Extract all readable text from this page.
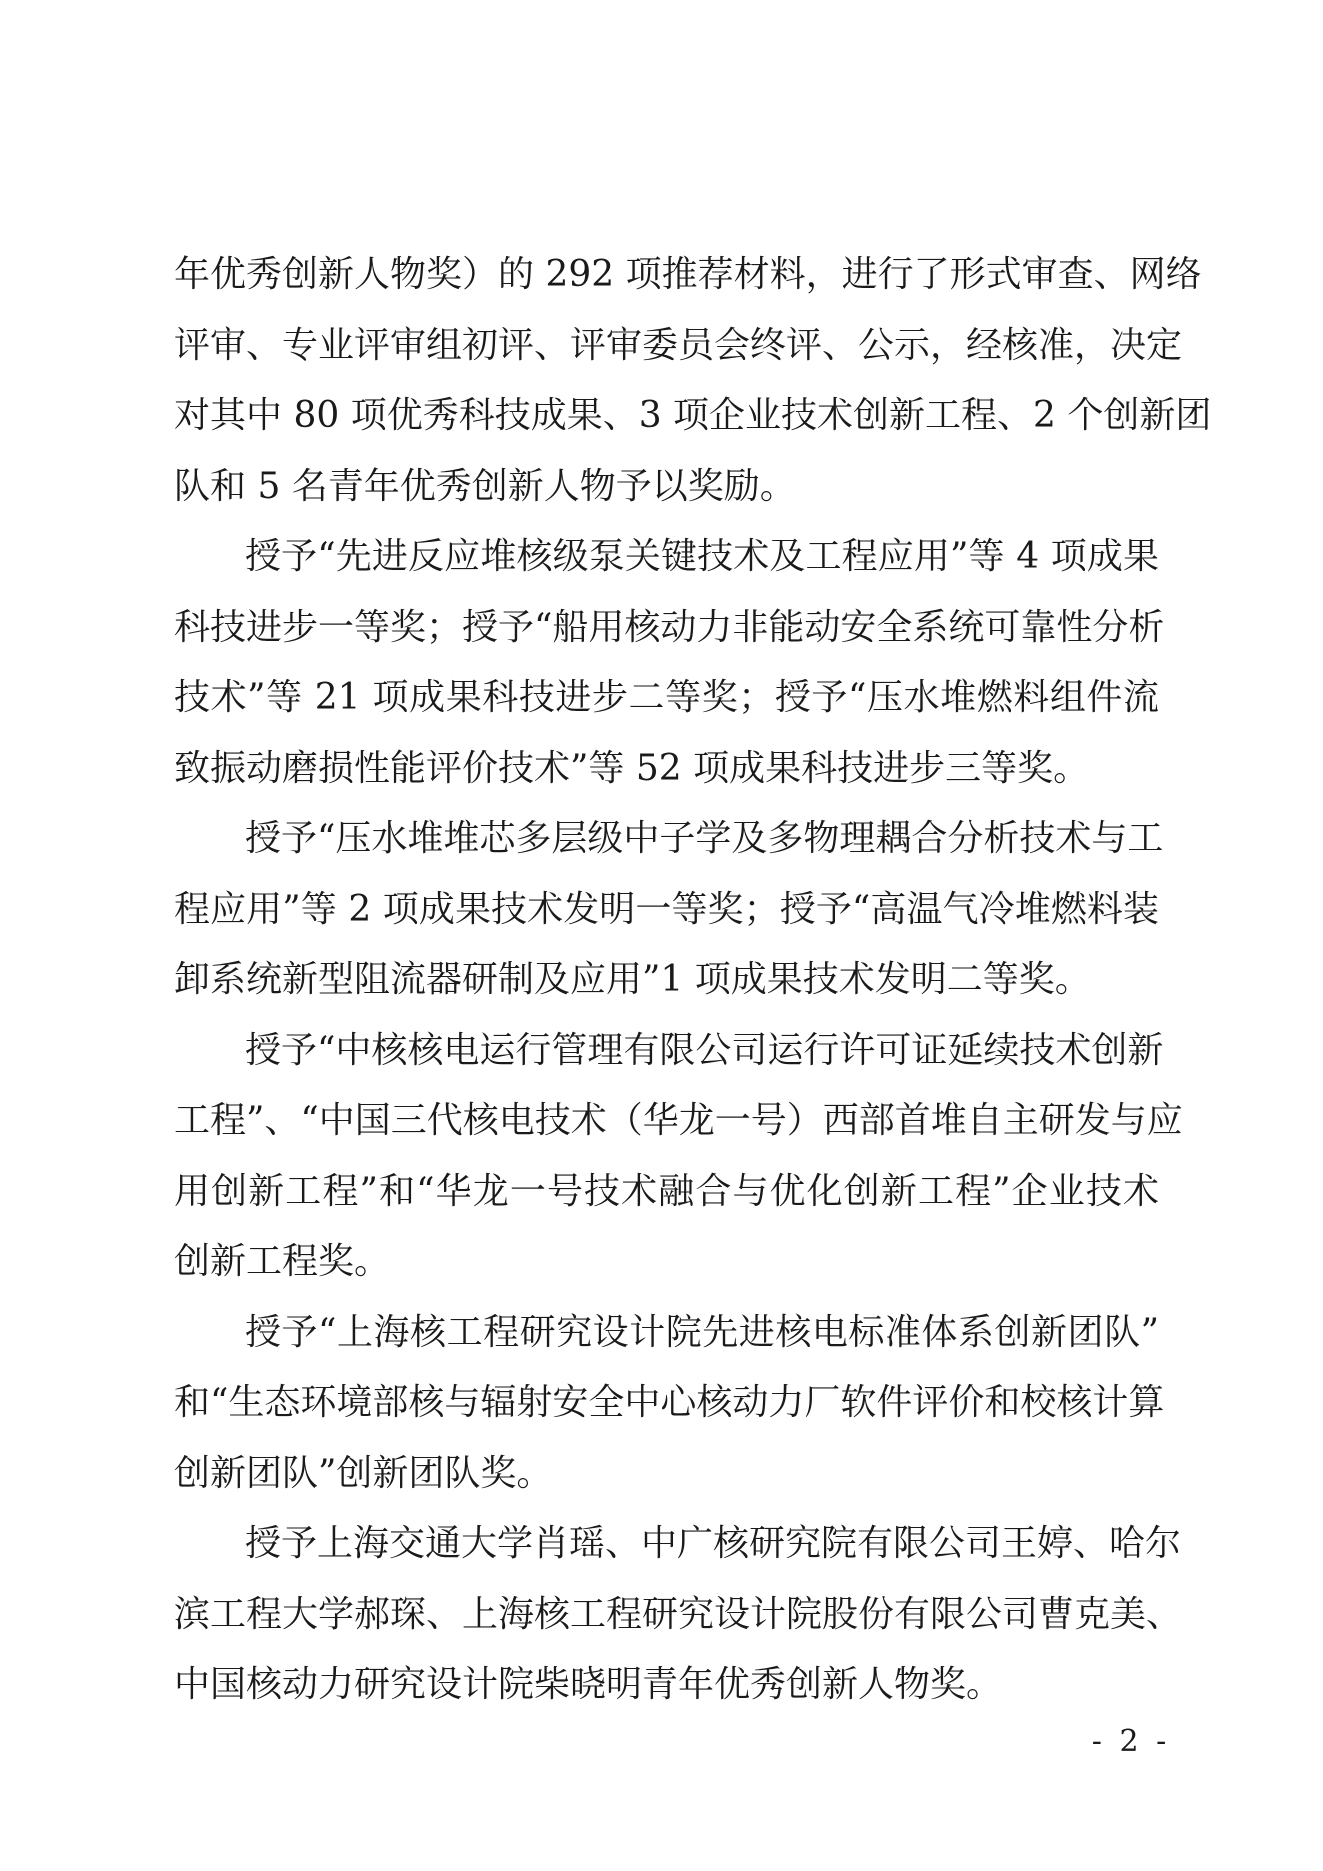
年优秀创新人物奖）的 292 项推荐材料，进行了形式审查、网络
评审、专业评审组初评、评审委员会终评、公示，经核准，决定
对其中 80 项优秀科技成果、3 项企业技术创新工程、2 个创新团
队和 5 名青年优秀创新人物予以奖励。
授予“先进反应堆核级泵关键技术及工程应用”等 4 项成果
科技进步一等奖；授予“船用核动力非能动安全系统可靠性分析
技术”等 21 项成果科技进步二等奖；授予“压水堆燃料组件流
致振动磨损性能评价技术”等 52 项成果科技进步三等奖。
授予“压水堆堆芯多层级中子学及多物理耦合分析技术与工
程应用”等 2 项成果技术发明一等奖；授予“高温气冷堆燃料装
卸系统新型阻流器研制及应用”1 项成果技术发明二等奖。
授予“中核核电运行管理有限公司运行许可证延续技术创新
工程”、“中国三代核电技术（华龙一号）西部首堆自主研发与应
用创新工程”和“华龙一号技术融合与优化创新工程”企业技术
创新工程奖。
授予“上海核工程研究设计院先进核电标准体系创新团队”
和“生态环境部核与辐射安全中心核动力厂软件评价和校核计算
创新团队”创新团队奖。
授予上海交通大学肖瑶、中广核研究院有限公司王婷、哈尔
滨工程大学郝琛、上海核工程研究设计院股份有限公司曹克美、
中国核动力研究设计院柴晓明青年优秀创新人物奖。
- 2 -
